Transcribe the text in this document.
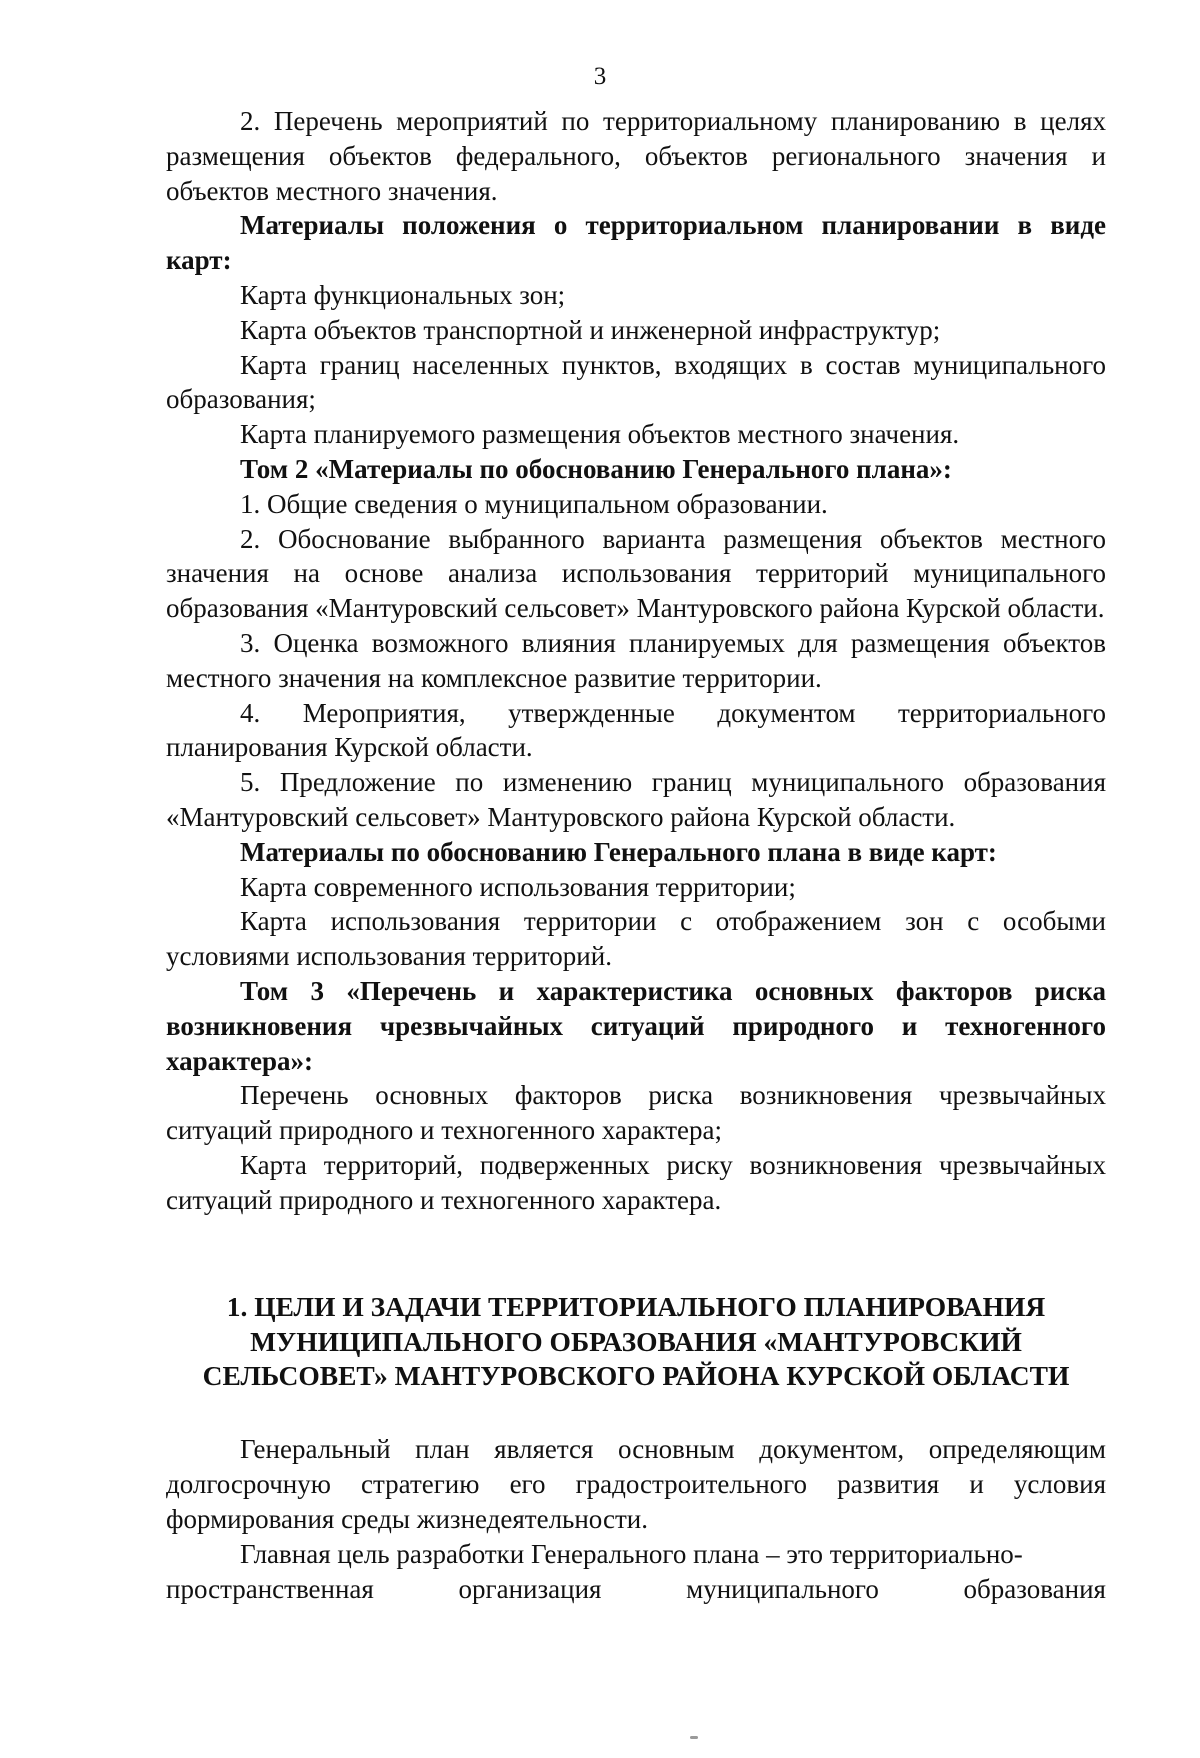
3

2. Перечень мероприятий по территориальному планированию в целях размещения объектов федерального, объектов регионального значения и объектов местного значения.

Материалы положения о территориальном планировании в виде карт:

Карта функциональных зон;

Карта объектов транспортной и инженерной инфраструктур;

Карта границ населенных пунктов, входящих в состав муниципального образования;

Карта планируемого размещения объектов местного значения.

Том 2 «Материалы по обоснованию Генерального плана»:

1. Общие сведения о муниципальном образовании.

2. Обоснование выбранного варианта размещения объектов местного значения на основе анализа использования территорий муниципального образования «Мантуровский сельсовет» Мантуровского района Курской области.

3. Оценка возможного влияния планируемых для размещения объектов местного значения на комплексное развитие территории.

4. Мероприятия, утвержденные документом территориального планирования Курской области.

5. Предложение по изменению границ муниципального образования «Мантуровский сельсовет» Мантуровского района Курской области.

Материалы по обоснованию Генерального плана в виде карт:

Карта современного использования территории;

Карта использования территории с отображением зон с особыми условиями использования территорий.

Том 3 «Перечень и характеристика основных факторов риска возникновения чрезвычайных ситуаций природного и техногенного характера»:

Перечень основных факторов риска возникновения чрезвычайных ситуаций природного и техногенного характера;

Карта территорий, подверженных риску возникновения чрезвычайных ситуаций природного и техногенного характера.

1. ЦЕЛИ И ЗАДАЧИ ТЕРРИТОРИАЛЬНОГО ПЛАНИРОВАНИЯ
МУНИЦИПАЛЬНОГО ОБРАЗОВАНИЯ «МАНТУРОВСКИЙ
СЕЛЬСОВЕТ» МАНТУРОВСКОГО РАЙОНА КУРСКОЙ ОБЛАСТИ

Генеральный план является основным документом, определяющим долгосрочную стратегию его градостроительного развития и условия формирования среды жизнедеятельности.

Главная цель разработки Генерального плана – это территориально-

пространственная	организация	муниципального	образования
